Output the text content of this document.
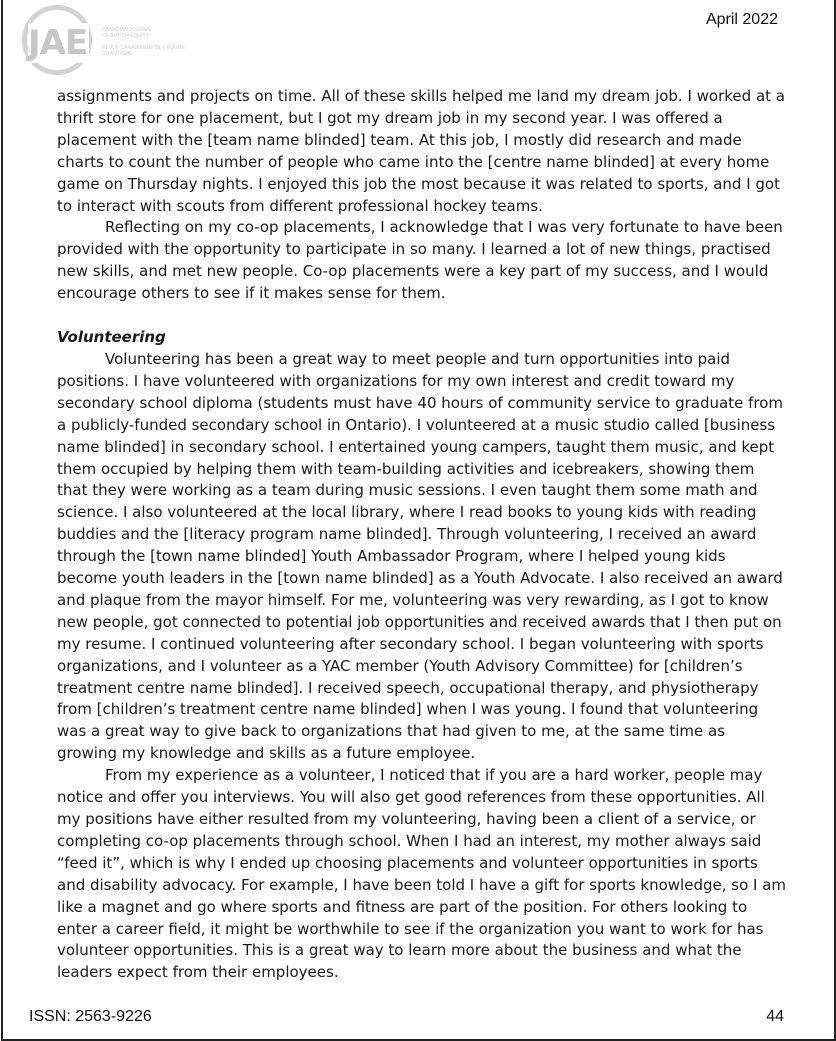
JAE	CANADIAN JOURNAL
OF AUTISM EQUITY
REVUE CANADIENNE DE L'ÉQUITÉ
EN AUTISME
April 2022

assignments and projects on time. All of these skills helped me land my dream job. I worked at a thrift store for one placement, but I got my dream job in my second year. I was offered a placement with the [team name blinded] team. At this job, I mostly did research and made charts to count the number of people who came into the [centre name blinded] at every home game on Thursday nights. I enjoyed this job the most because it was related to sports, and I got to interact with scouts from different professional hockey teams.

Reflecting on my co-op placements, I acknowledge that I was very fortunate to have been provided with the opportunity to participate in so many. I learned a lot of new things, practised new skills, and met new people. Co-op placements were a key part of my success, and I would encourage others to see if it makes sense for them.

Volunteering

Volunteering has been a great way to meet people and turn opportunities into paid positions. I have volunteered with organizations for my own interest and credit toward my secondary school diploma (students must have 40 hours of community service to graduate from a publicly-funded secondary school in Ontario). I volunteered at a music studio called [business name blinded] in secondary school. I entertained young campers, taught them music, and kept them occupied by helping them with team-building activities and icebreakers, showing them that they were working as a team during music sessions. I even taught them some math and science. I also volunteered at the local library, where I read books to young kids with reading buddies and the [literacy program name blinded]. Through volunteering, I received an award through the [town name blinded] Youth Ambassador Program, where I helped young kids become youth leaders in the [town name blinded] as a Youth Advocate. I also received an award and plaque from the mayor himself. For me, volunteering was very rewarding, as I got to know new people, got connected to potential job opportunities and received awards that I then put on my resume. I continued volunteering after secondary school. I began volunteering with sports organizations, and I volunteer as a YAC member (Youth Advisory Committee) for [children’s treatment centre name blinded]. I received speech, occupational therapy, and physiotherapy from [children’s treatment centre name blinded] when I was young. I found that volunteering was a great way to give back to organizations that had given to me, at the same time as growing my knowledge and skills as a future employee.

From my experience as a volunteer, I noticed that if you are a hard worker, people may notice and offer you interviews. You will also get good references from these opportunities. All my positions have either resulted from my volunteering, having been a client of a service, or completing co-op placements through school. When I had an interest, my mother always said “feed it”, which is why I ended up choosing placements and volunteer opportunities in sports and disability advocacy. For example, I have been told I have a gift for sports knowledge, so I am like a magnet and go where sports and fitness are part of the position. For others looking to enter a career field, it might be worthwhile to see if the organization you want to work for has volunteer opportunities. This is a great way to learn more about the business and what the leaders expect from their employees.

ISSN: 2563-9226	44
